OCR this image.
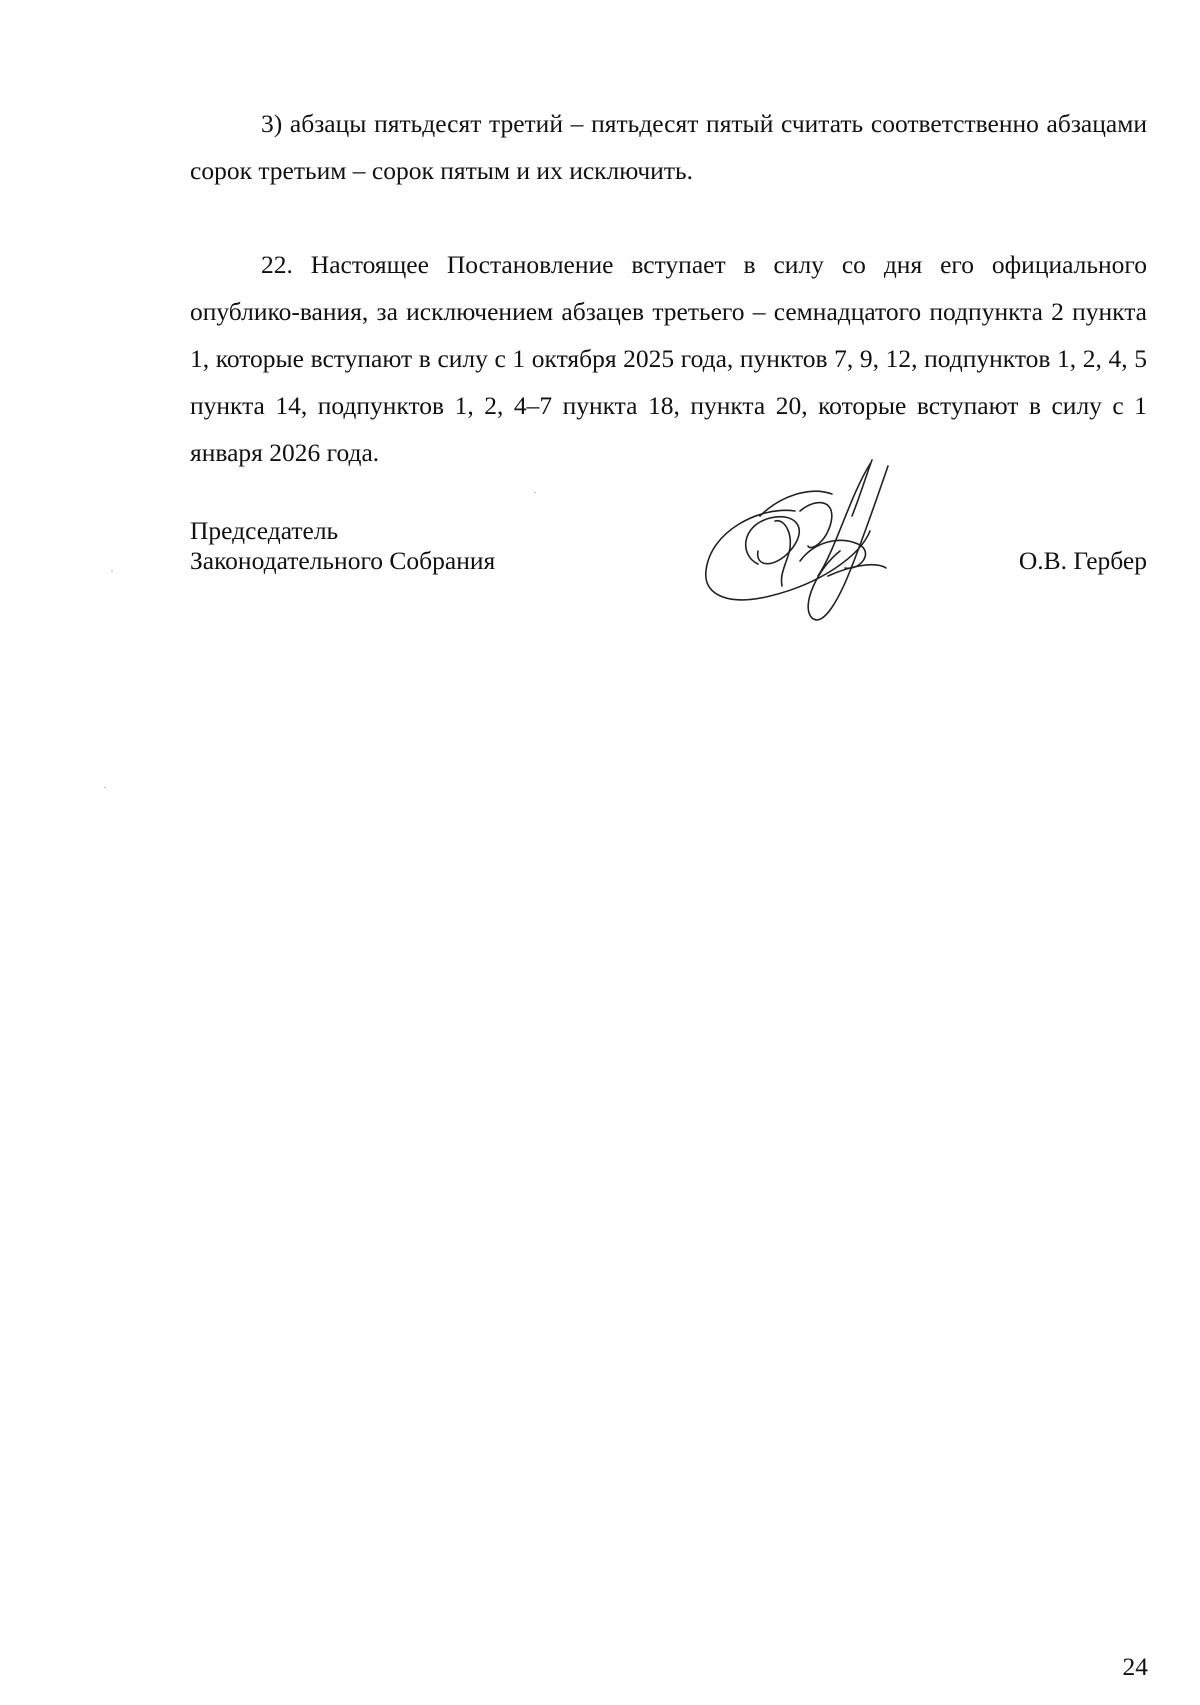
3) абзацы пятьдесят третий – пятьдесят пятый считать соответственно абзацами сорок третьим – сорок пятым и их исключить.

22. Настоящее Постановление вступает в силу со дня его официального опублико-вания, за исключением абзацев третьего – семнадцатого подпункта 2 пункта 1, которые вступают в силу с 1 октября 2025 года, пунктов 7, 9, 12, подпунктов 1, 2, 4, 5 пункта 14, подпунктов 1, 2, 4–7 пункта 18, пункта 20, которые вступают в силу с 1 января 2026 года.

Председатель
Законодательного Собрания	О.В. Гербер
24
